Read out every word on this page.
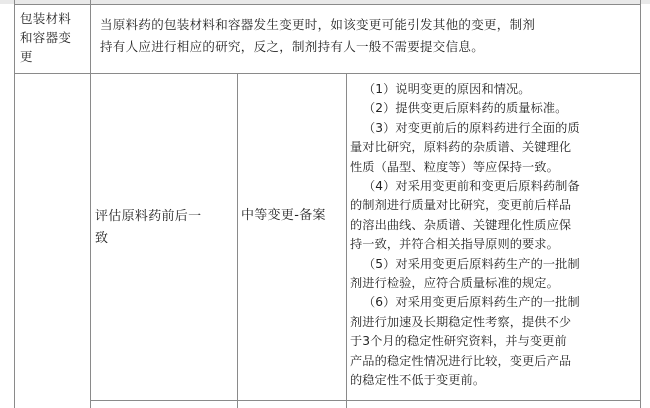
包装材料
和容器变
更
当原料药的包装材料和容器发生变更时，如该变更可能引发其他的变更，制剂
持有人应进行相应的研究，反之，制剂持有人一般不需要提交信息。
评估原料药前后一
致
中等变更-备案
（1）说明变更的原因和情况。
（2）提供变更后原料药的质量标准。
（3）对变更前后的原料药进行全面的质
量对比研究，原料药的杂质谱、关键理化
性质（晶型、粒度等）等应保持一致。
（4）对采用变更前和变更后原料药制备
的制剂进行质量对比研究，变更前后样品
的溶出曲线、杂质谱、关键理化性质应保
持一致，并符合相关指导原则的要求。
（5）对采用变更后原料药生产的一批制
剂进行检验，应符合质量标准的规定。
（6）对采用变更后原料药生产的一批制
剂进行加速及长期稳定性考察，提供不少
于3个月的稳定性研究资料，并与变更前
产品的稳定性情况进行比较，变更后产品
的稳定性不低于变更前。
